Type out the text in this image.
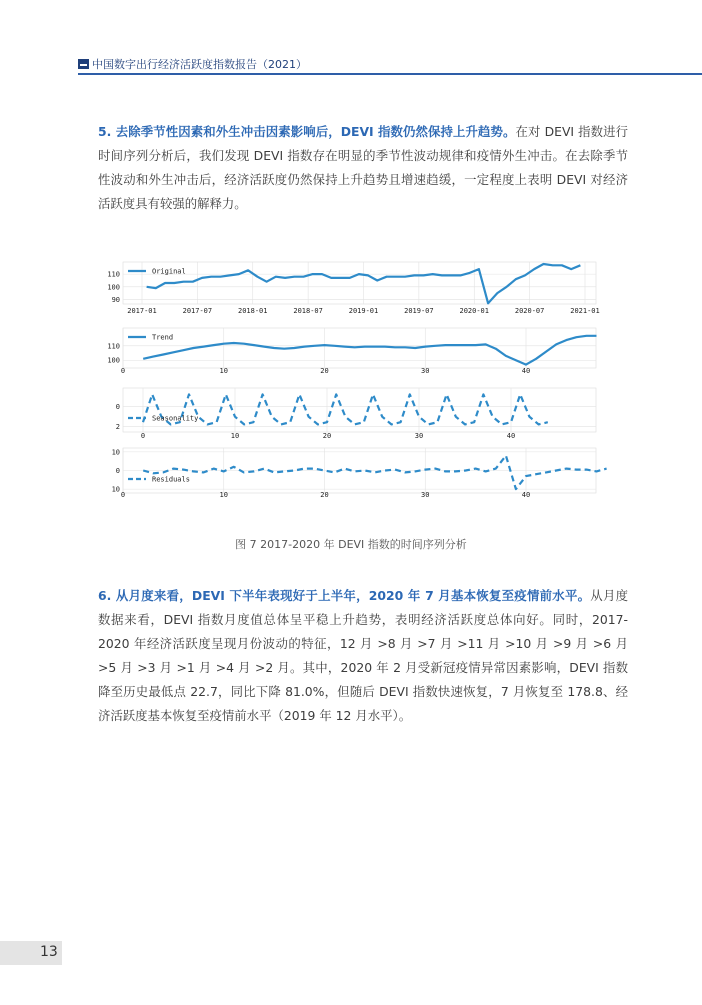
中国数字出行经济活跃度指数报告（2021）
5. 去除季节性因素和外生冲击因素影响后，DEVI 指数仍然保持上升趋势。在对 DEVI 指数进行时间序列分析后，我们发现 DEVI 指数存在明显的季节性波动规律和疫情外生冲击。在去除季节性波动和外生冲击后，经济活跃度仍然保持上升趋势且增速趋缓，一定程度上表明 DEVI 对经济活跃度具有较强的解释力。
110
100
90
2017-01	2017-07	2018-01	2018-07	2019-01	2019-07	2020-01	2020-07	2021-01
Original
110
100
0	10	20	30	40
Trend
0
2
0	10	20	30	40
Seasonality
10
0
10
0	10	20	30	40
Residuals
图 7 2017-2020 年 DEVI 指数的时间序列分析
6. 从月度来看，DEVI 下半年表现好于上半年，2020 年 7 月基本恢复至疫情前水平。从月度数据来看，DEVI 指数月度值总体呈平稳上升趋势，表明经济活跃度总体向好。同时，2017-2020 年经济活跃度呈现月份波动的特征，12 月 >8 月 >7 月 >11 月 >10 月 >9 月 >6 月 >5 月 >3 月 >1 月 >4 月 >2 月。其中，2020 年 2 月受新冠疫情异常因素影响，DEVI 指数降至历史最低点 22.7，同比下降 81.0%，但随后 DEVI 指数快速恢复，7 月恢复至 178.8、经济活跃度基本恢复至疫情前水平（2019 年 12 月水平）。
13
